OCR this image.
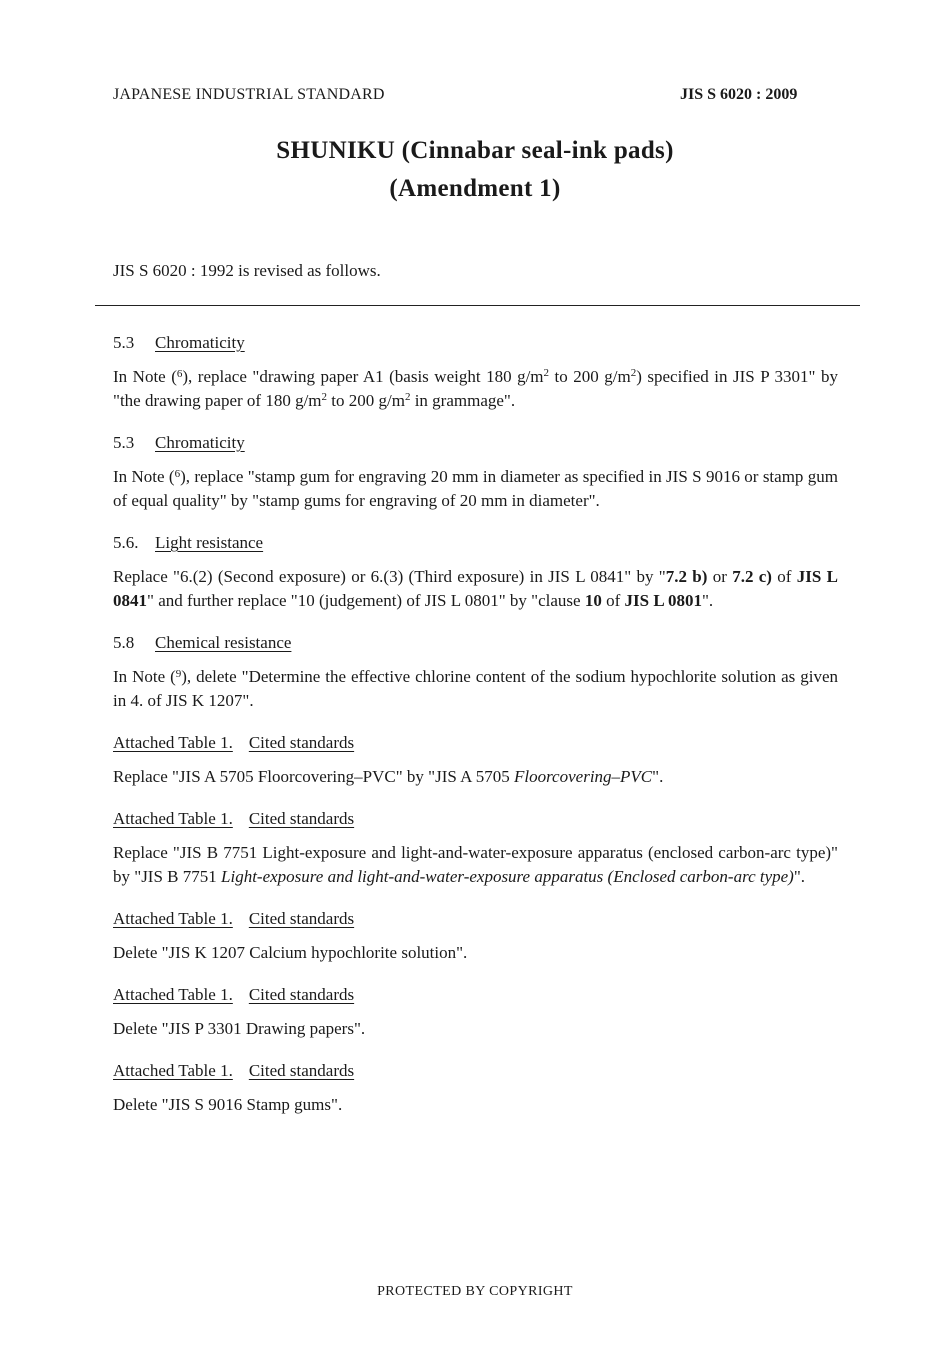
JAPANESE INDUSTRIAL STANDARD	JIS S 6020 : 2009
SHUNIKU (Cinnabar seal-ink pads)
(Amendment 1)
JIS S 6020 : 1992 is revised as follows.
5.3 Chromaticity
In Note ($^6$), replace "drawing paper A1 (basis weight 180 $g/m^2$ to 200 $g/m^2$) specified in JIS P 3301" by "the drawing paper of 180 $g/m^2$ to 200 $g/m^2$ in grammage".
5.3 Chromaticity
In Note ($^6$), replace "stamp gum for engraving 20 mm in diameter as specified in JIS S 9016 or stamp gum of equal quality" by "stamp gums for engraving of 20 mm in diameter".
5.6. Light resistance
Replace "6.(2) (Second exposure) or 6.(3) (Third exposure) in JIS L 0841" by "7.2 b) or 7.2 c) of JIS L 0841" and further replace "10 (judgement) of JIS L 0801" by "clause 10 of JIS L 0801".
5.8 Chemical resistance
In Note ($^9$), delete "Determine the effective chlorine content of the sodium hypochlorite solution as given in 4. of JIS K 1207".
Attached Table 1. Cited standards
Replace "JIS A 5705 Floorcovering–PVC" by "JIS A 5705 Floorcovering–PVC".
Attached Table 1. Cited standards
Replace "JIS B 7751 Light-exposure and light-and-water-exposure apparatus (enclosed carbon-arc type)" by "JIS B 7751 Light-exposure and light-and-water-exposure apparatus (Enclosed carbon-arc type)".
Attached Table 1. Cited standards
Delete "JIS K 1207 Calcium hypochlorite solution".
Attached Table 1. Cited standards
Delete "JIS P 3301 Drawing papers".
Attached Table 1. Cited standards
Delete "JIS S 9016 Stamp gums".
PROTECTED BY COPYRIGHT
